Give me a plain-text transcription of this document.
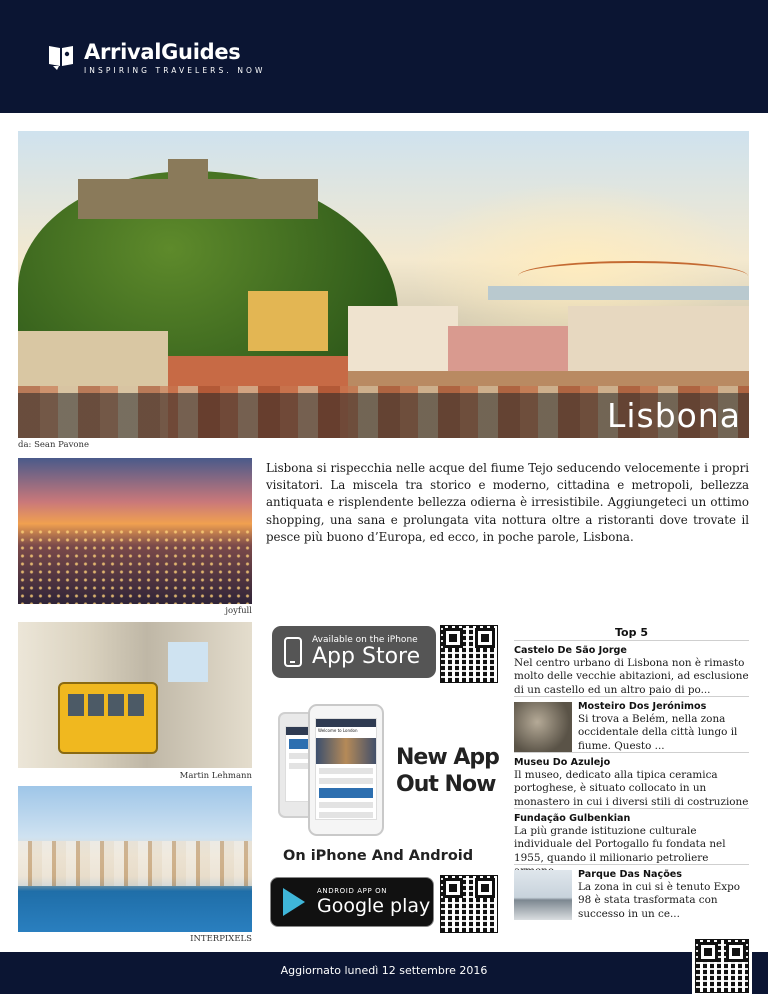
ArrivalGuides
INSPIRING TRAVELERS. NOW
Lisbona
da: Sean Pavone

Lisbona si rispecchia nelle acque del fiume Tejo seducendo velocemente i propri visitatori. La miscela tra storico e moderno, cittadina e metropoli, bellezza antiquata e risplendente bellezza odierna è irresistibile. Aggiungeteci un ottimo shopping, una sana e prolungata vita nottura oltre a ristoranti dove trovate il pesce più buono d’Europa, ed ecco, in poche parole, Lisbona.

joyfull
Martin Lehmann
INTERPIXELS
Available on the iPhone
App Store
Welcome to London
New App
Out Now
On iPhone And Android
ANDROID APP ON
Google play
Top 5
Castelo De São Jorge
Nel centro urbano di Lisbona non è rimasto molto delle vecchie abitazioni, ad esclusione di un castello ed un altro paio di po...
Mosteiro Dos Jerónimos
Si trova a Belém, nella zona occidentale della città lungo il fiume. Questo ...
Museu Do Azulejo
Il museo, dedicato alla tipica ceramica portoghese, è situato collocato in un monastero in cui i diversi stili di costruzione
Fundação Gulbenkian
La più grande istituzione culturale individuale del Portogallo fu fondata nel 1955, quando il milionario petroliere
Parque Das Nações
La zona in cui si è tenuto Expo 98 è stata trasformata con successo in un ce...
Aggiornato lunedì 12 settembre 2016
